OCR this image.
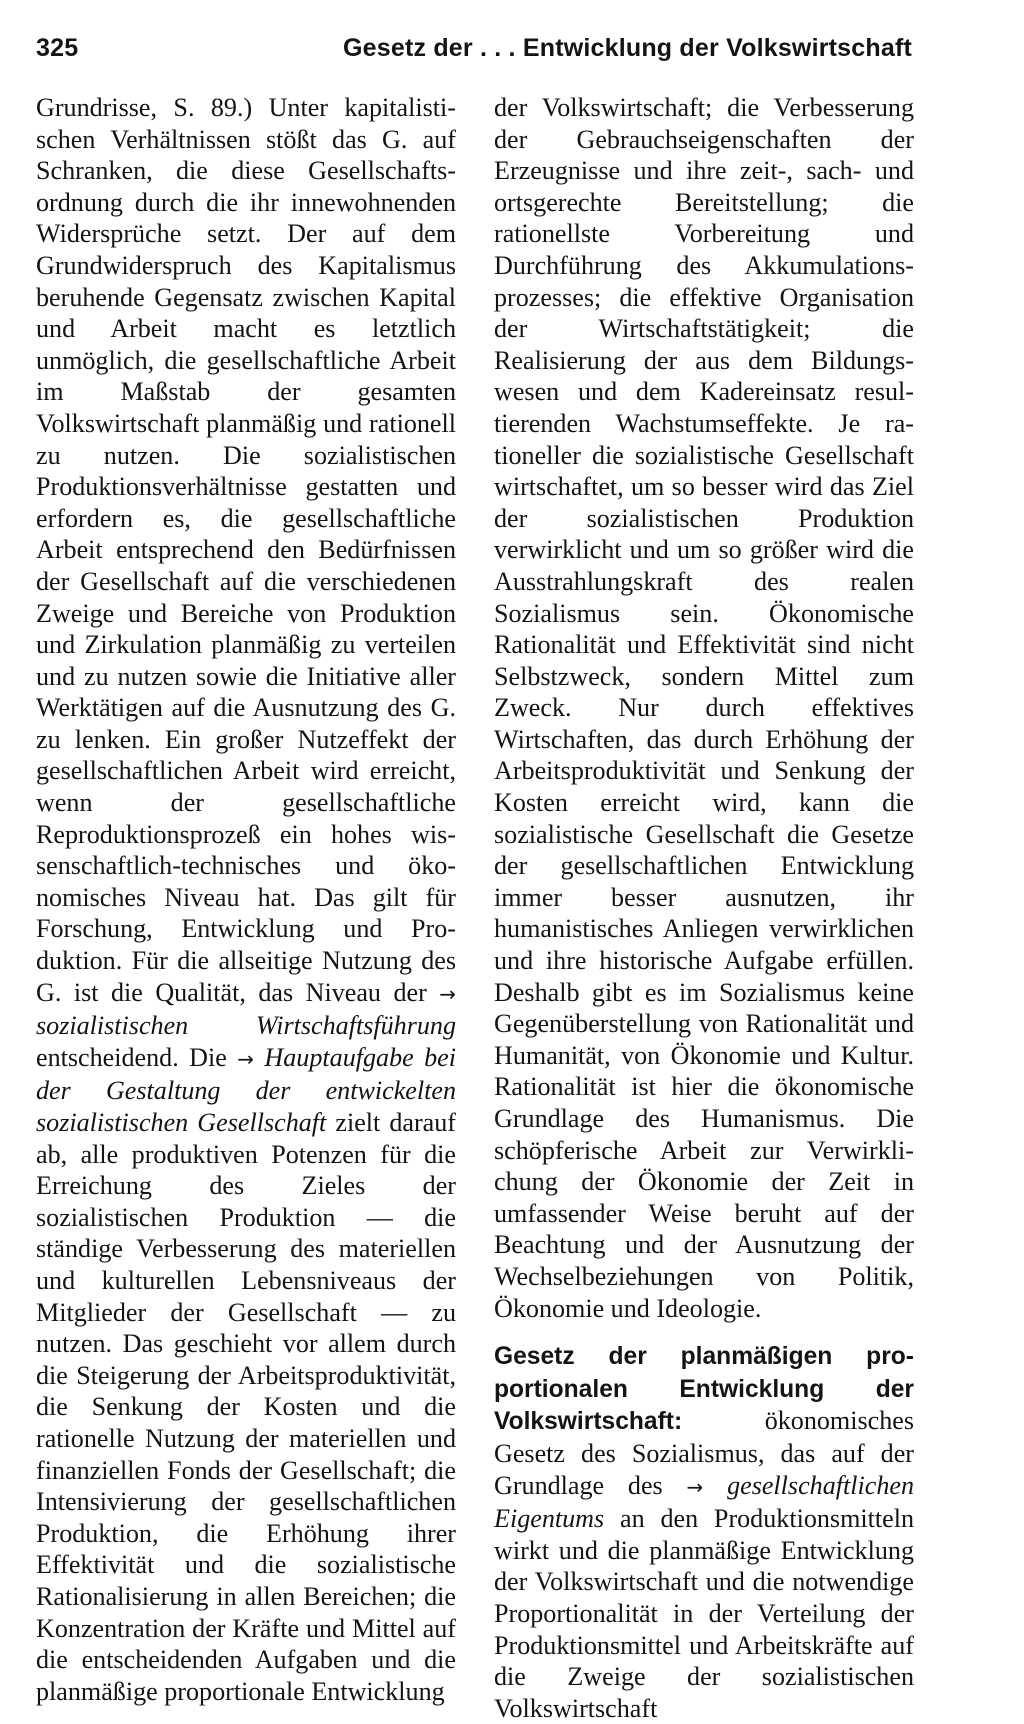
325	Gesetz der . . . Entwicklung der Volkswirtschaft

Grundrisse, S. 89.) Unter kapitalistischen Verhältnissen stößt das G. auf Schranken, die diese Gesellschaftsordnung durch die ihr innewohnenden Widersprüche setzt. Der auf dem Grundwiderspruch des Kapitalismus beruhende Gegensatz zwischen Kapital und Arbeit macht es letztlich unmöglich, die gesellschaftliche Arbeit im Maßstab der gesamten Volkswirtschaft planmäßig und rationell zu nutzen. Die sozialistischen Produktionsverhältnisse gestatten und erfordern es, die gesellschaftliche Arbeit entsprechend den Bedürfnissen der Gesellschaft auf die verschiedenen Zweige und Bereiche von Produktion und Zirkulation planmäßig zu verteilen und zu nutzen sowie die Initiative aller Werktätigen auf die Ausnutzung des G. zu lenken. Ein großer Nutzeffekt der gesellschaftlichen Arbeit wird erreicht, wenn der gesellschaftliche Reproduktionsprozeß ein hohes wissenschaftlich-technisches und ökonomisches Niveau hat. Das gilt für Forschung, Entwicklung und Produktion. Für die allseitige Nutzung des G. ist die Qualität, das Niveau der → sozialistischen Wirtschaftsführung entscheidend. Die → Hauptaufgabe bei der Gestaltung der entwickelten sozialistischen Gesellschaft zielt darauf ab, alle produktiven Potenzen für die Erreichung des Zieles der sozialistischen Produktion — die ständige Verbesserung des materiellen und kulturellen Lebensniveaus der Mitglieder der Gesellschaft — zu nutzen. Das geschieht vor allem durch die Steigerung der Arbeitsproduktivität, die Senkung der Kosten und die rationelle Nutzung der materiellen und finanziellen Fonds der Gesellschaft; die Intensivierung der gesellschaftlichen Produktion, die Erhöhung ihrer Effektivität und die sozialistische Rationalisierung in allen Bereichen; die Konzentration der Kräfte und Mittel auf die entscheidenden Aufgaben und die planmäßige proportionale Entwicklung

der Volkswirtschaft; die Verbesserung der Gebrauchseigenschaften der Erzeugnisse und ihre zeit-, sach- und ortsgerechte Bereitstellung; die rationellste Vorbereitung und Durchführung des Akkumulationsprozesses; die effektive Organisation der Wirtschaftstätigkeit; die Realisierung der aus dem Bildungswesen und dem Kadereinsatz resultierenden Wachstumseffekte. Je rationeller die sozialistische Gesellschaft wirtschaftet, um so besser wird das Ziel der sozialistischen Produktion verwirklicht und um so größer wird die Ausstrahlungskraft des realen Sozialismus sein. Ökonomische Rationalität und Effektivität sind nicht Selbstzweck, sondern Mittel zum Zweck. Nur durch effektives Wirtschaften, das durch Erhöhung der Arbeitsproduktivität und Senkung der Kosten erreicht wird, kann die sozialistische Gesellschaft die Gesetze der gesellschaftlichen Entwicklung immer besser ausnutzen, ihr humanistisches Anliegen verwirklichen und ihre historische Aufgabe erfüllen. Deshalb gibt es im Sozialismus keine Gegenüberstellung von Rationalität und Humanität, von Ökonomie und Kultur. Rationalität ist hier die ökonomische Grundlage des Humanismus. Die schöpferische Arbeit zur Verwirklichung der Ökonomie der Zeit in umfassender Weise beruht auf der Beachtung und der Ausnutzung der Wechselbeziehungen von Politik, Ökonomie und Ideologie.

Gesetz der planmäßigen proportionalen Entwicklung der Volkswirtschaft: ökonomisches Gesetz des Sozialismus, das auf der Grundlage des → gesellschaftlichen Eigentums an den Produktionsmitteln wirkt und die planmäßige Entwicklung der Volkswirtschaft und die notwendige Proportionalität in der Verteilung der Produktionsmittel und Arbeitskräfte auf die Zweige der sozialistischen Volkswirtschaft
